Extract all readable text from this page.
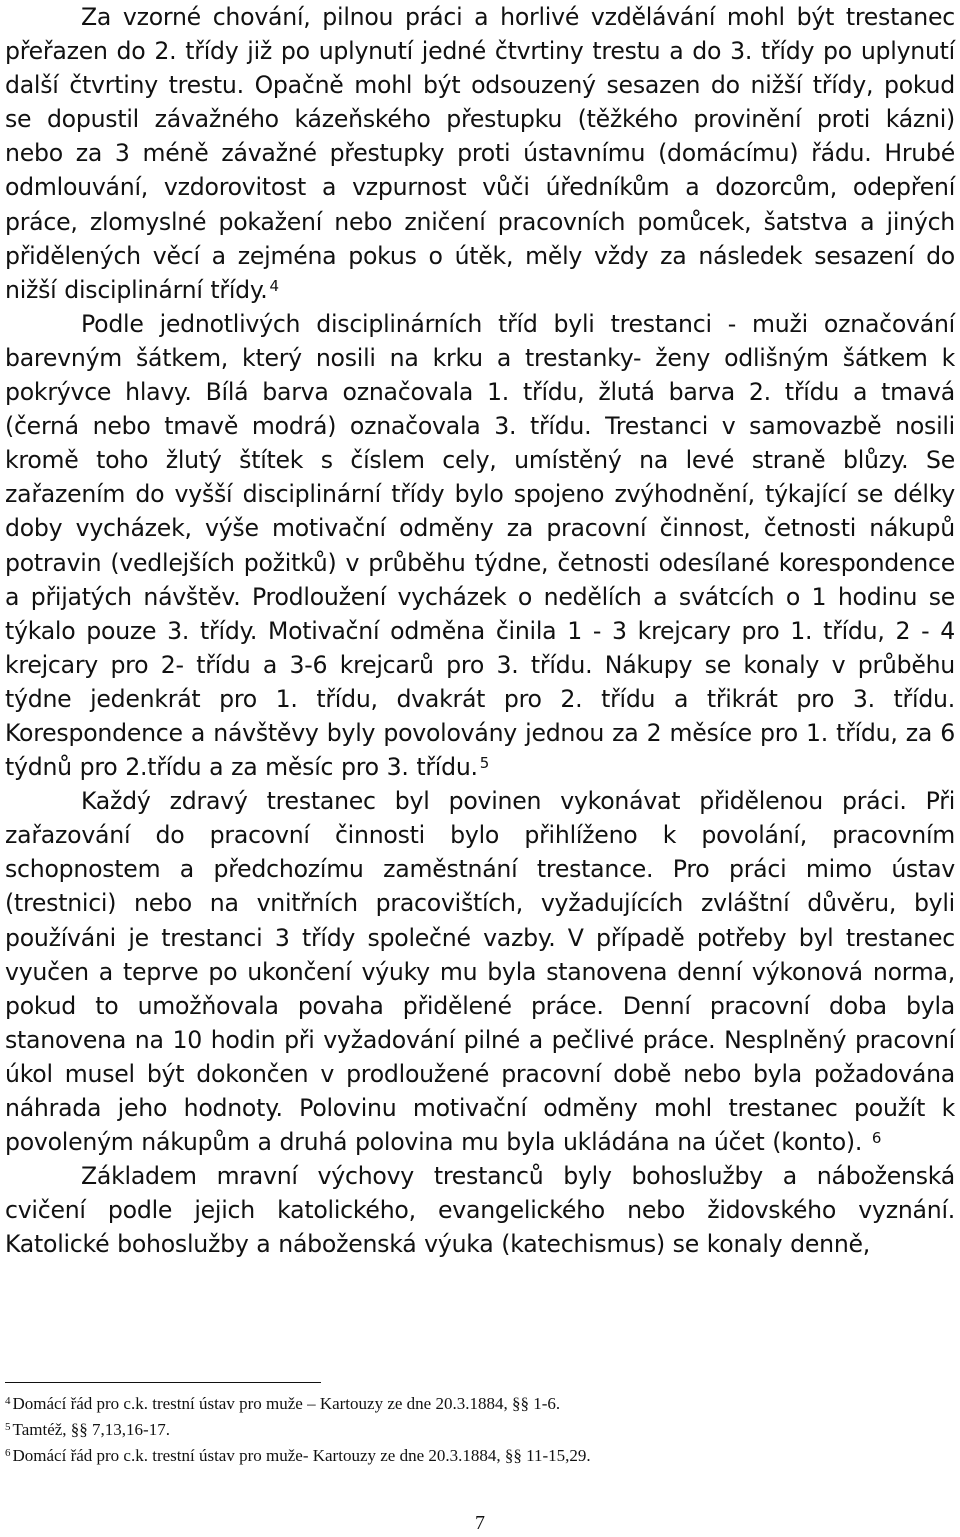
Za vzorné chování, pilnou práci a horlivé vzdělávání mohl být trestanec přeřazen do 2. třídy již po uplynutí jedné čtvrtiny trestu a do 3. třídy po uplynutí další čtvrtiny trestu. Opačně mohl být odsouzený sesazen do nižší třídy, pokud se dopustil závažného kázeňského přestupku (těžkého provinění proti kázni) nebo za 3 méně závažné přestupky proti ústavnímu (domácímu) řádu. Hrubé odmlouvání, vzdorovitost a vzpurnost vůči úředníkům a dozorcům, odepření práce, zlomyslné pokažení nebo zničení pracovních pomůcek, šatstva a jiných přidělených věcí a zejména pokus o útěk, měly vždy za následek sesazení do nižší disciplinární třídy. $^4$

Podle jednotlivých disciplinárních tříd byli trestanci - muži označování barevným šátkem, který nosili na krku a trestanky- ženy odlišným šátkem k pokrývce hlavy. Bílá barva označovala 1. třídu, žlutá barva 2. třídu a tmavá (černá nebo tmavě modrá) označovala 3. třídu. Trestanci v samovazbě nosili kromě toho žlutý štítek s číslem cely, umístěný na levé straně blůzy. Se zařazením do vyšší disciplinární třídy bylo spojeno zvýhodnění, týkající se délky doby vycházek, výše motivační odměny za pracovní činnost, četnosti nákupů potravin (vedlejších požitků) v průběhu týdne, četnosti odesílané korespondence a přijatých návštěv. Prodloužení vycházek o nedělích a svátcích o 1 hodinu se týkalo pouze 3. třídy. Motivační odměna činila 1 - 3 krejcary pro 1. třídu, 2 - 4 krejcary pro 2- třídu a 3-6 krejcarů pro 3. třídu. Nákupy se konaly v průběhu týdne jedenkrát pro 1. třídu, dvakrát pro 2. třídu a třikrát pro 3. třídu. Korespondence a návštěvy byly povolovány jednou za 2 měsíce pro 1. třídu, za 6 týdnů pro 2.třídu a za měsíc pro 3. třídu. $^5$

Každý zdravý trestanec byl povinen vykonávat přidělenou práci. Při zařazování do pracovní činnosti bylo přihlíženo k povolání, pracovním schopnostem a předchozímu zaměstnání trestance. Pro práci mimo ústav (trestnici) nebo na vnitřních pracovištích, vyžadujících zvláštní důvěru, byli používáni je trestanci 3 třídy společné vazby. V případě potřeby byl trestanec vyučen a teprve po ukončení výuky mu byla stanovena denní výkonová norma, pokud to umožňovala povaha přidělené práce. Denní pracovní doba byla stanovena na 10 hodin při vyžadování pilné a pečlivé práce. Nesplněný pracovní úkol musel být dokončen v prodloužené pracovní době nebo byla požadována náhrada jeho hodnoty. Polovinu motivační odměny mohl trestanec použít k povoleným nákupům a druhá polovina mu byla ukládána na účet (konto). $^6$

Základem mravní výchovy trestanců byly bohoslužby a náboženská cvičení podle jejich katolického, evangelického nebo židovského vyznání. Katolické bohoslužby a náboženská výuka (katechismus) se konaly denně,

$^4$ Domácí řád pro c.k. trestní ústav pro muže – Kartouzy ze dne 20.3.1884, §§ 1-6.

$^5$ Tamtéž, §§ 7,13,16-17.

$^6$ Domácí řád pro c.k. trestní ústav pro muže- Kartouzy ze dne 20.3.1884, §§ 11-15,29.

7
